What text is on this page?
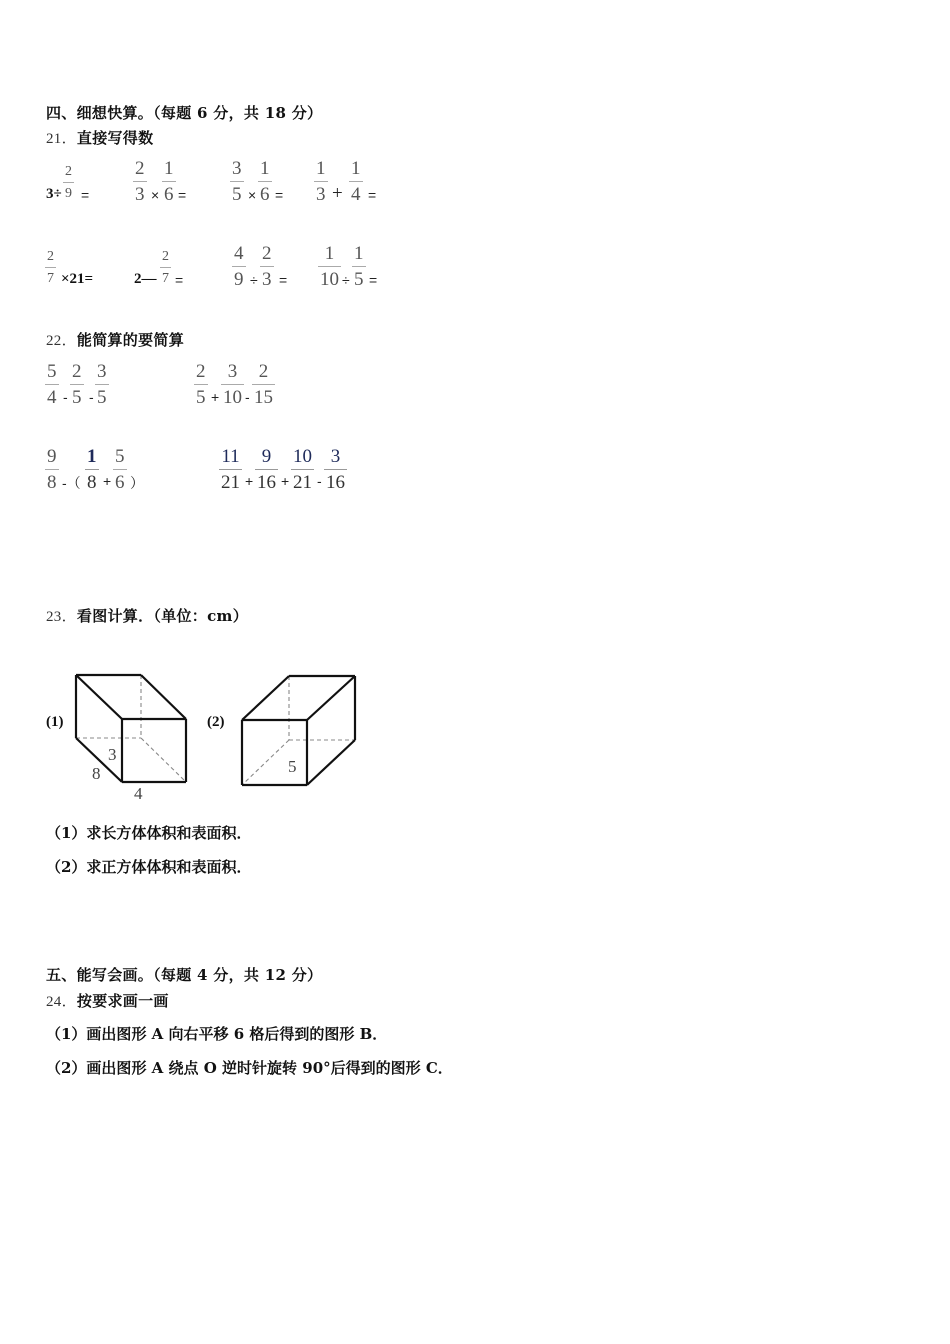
四、细想快算。（每题 6 分，共 18 分）
21．直接写得数
3÷
2
9 =
2
3 ×
1
6 =
3
5 ×
1
6 =
1
3 +
1
4 =
2
7 ×21=	2—
2
7 =
4
9 ÷
2
3 =
1
10 ÷
1
5 =
22．能简算的要简算
5
4 -
2
5 -
3
5
2
5 +
3
10 -
2
15
9
8 -（
1
8 +
5
6 ）
11
21 +
9
16 +
10
21 -
3
16
23．看图计算．（单位：cm）
(1)	(2)
3
8
4
5
（1）求长方体体积和表面积．
（2）求正方体体积和表面积．
五、能写会画。（每题 4 分，共 12 分）
24．按要求画一画
（1）画出图形 A 向右平移 6 格后得到的图形 B．
（2）画出图形 A 绕点 O 逆时针旋转 90°后得到的图形 C．
